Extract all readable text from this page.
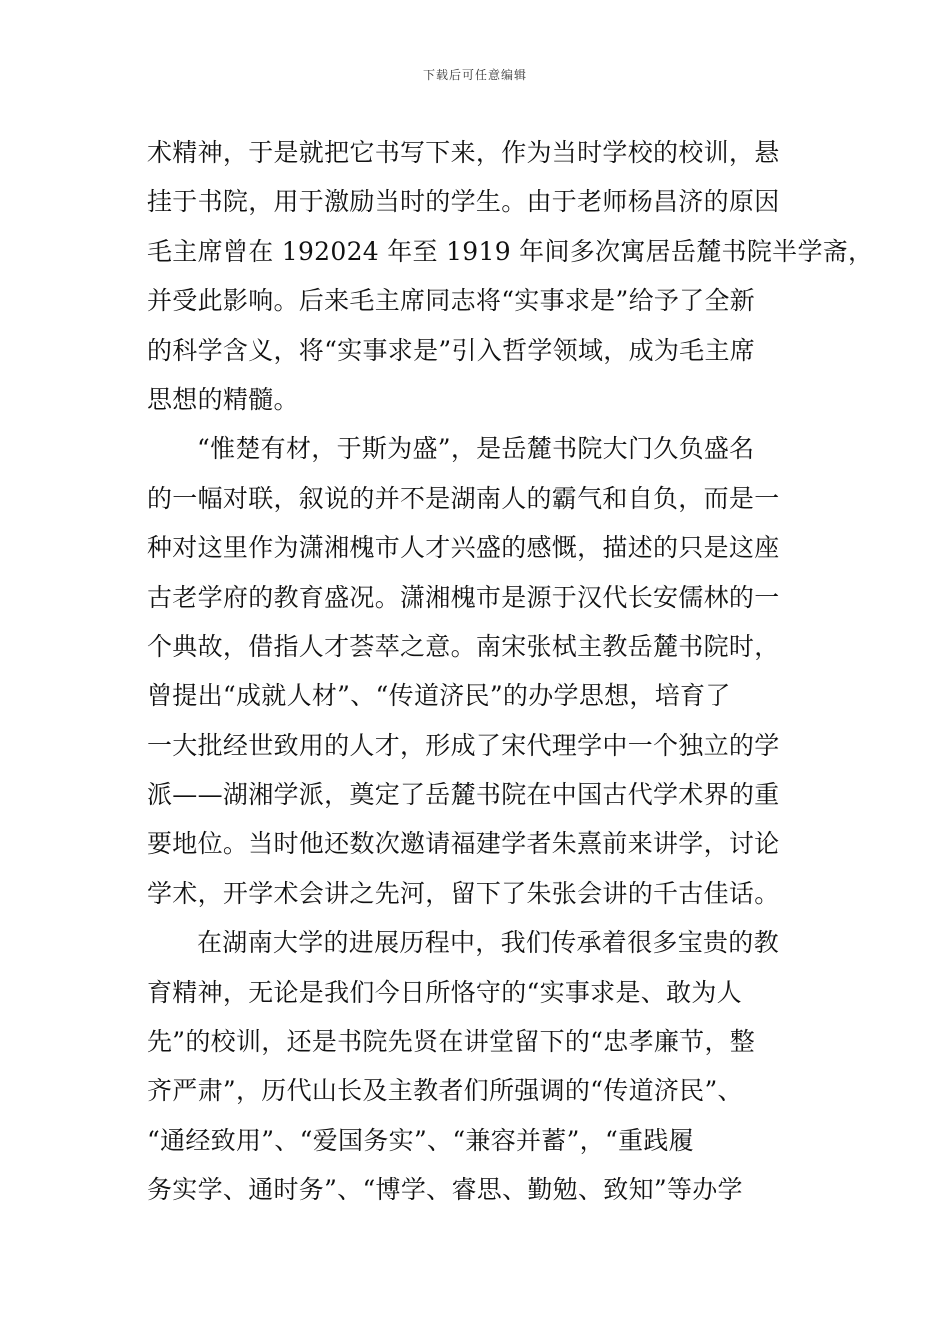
下载后可任意编辑
术精神，于是就把它书写下来，作为当时学校的校训，悬
挂于书院，用于激励当时的学生。由于老师杨昌济的原因
毛主席曾在 192024 年至 1919 年间多次寓居岳麓书院半学斋，
并受此影响。后来毛主席同志将“实事求是”给予了全新
的科学含义，将“实事求是”引入哲学领域，成为毛主席
思想的精髓。
“惟楚有材，于斯为盛”，是岳麓书院大门久负盛名
的一幅对联，叙说的并不是湖南人的霸气和自负，而是一
种对这里作为潇湘槐市人才兴盛的感慨，描述的只是这座
古老学府的教育盛况。潇湘槐市是源于汉代长安儒林的一
个典故，借指人才荟萃之意。南宋张栻主教岳麓书院时，
曾提出“成就人材”、“传道济民”的办学思想，培育了
一大批经世致用的人才，形成了宋代理学中一个独立的学
派——湖湘学派，奠定了岳麓书院在中国古代学术界的重
要地位。当时他还数次邀请福建学者朱熹前来讲学，讨论
学术，开学术会讲之先河，留下了朱张会讲的千古佳话。
在湖南大学的进展历程中，我们传承着很多宝贵的教
育精神，无论是我们今日所恪守的“实事求是、敢为人
先”的校训，还是书院先贤在讲堂留下的“忠孝廉节，整
齐严肃”，历代山长及主教者们所强调的“传道济民”、
“通经致用”、“爱国务实”、“兼容并蓄”，“重践履
务实学、通时务”、“博学、睿思、勤勉、致知”等办学
